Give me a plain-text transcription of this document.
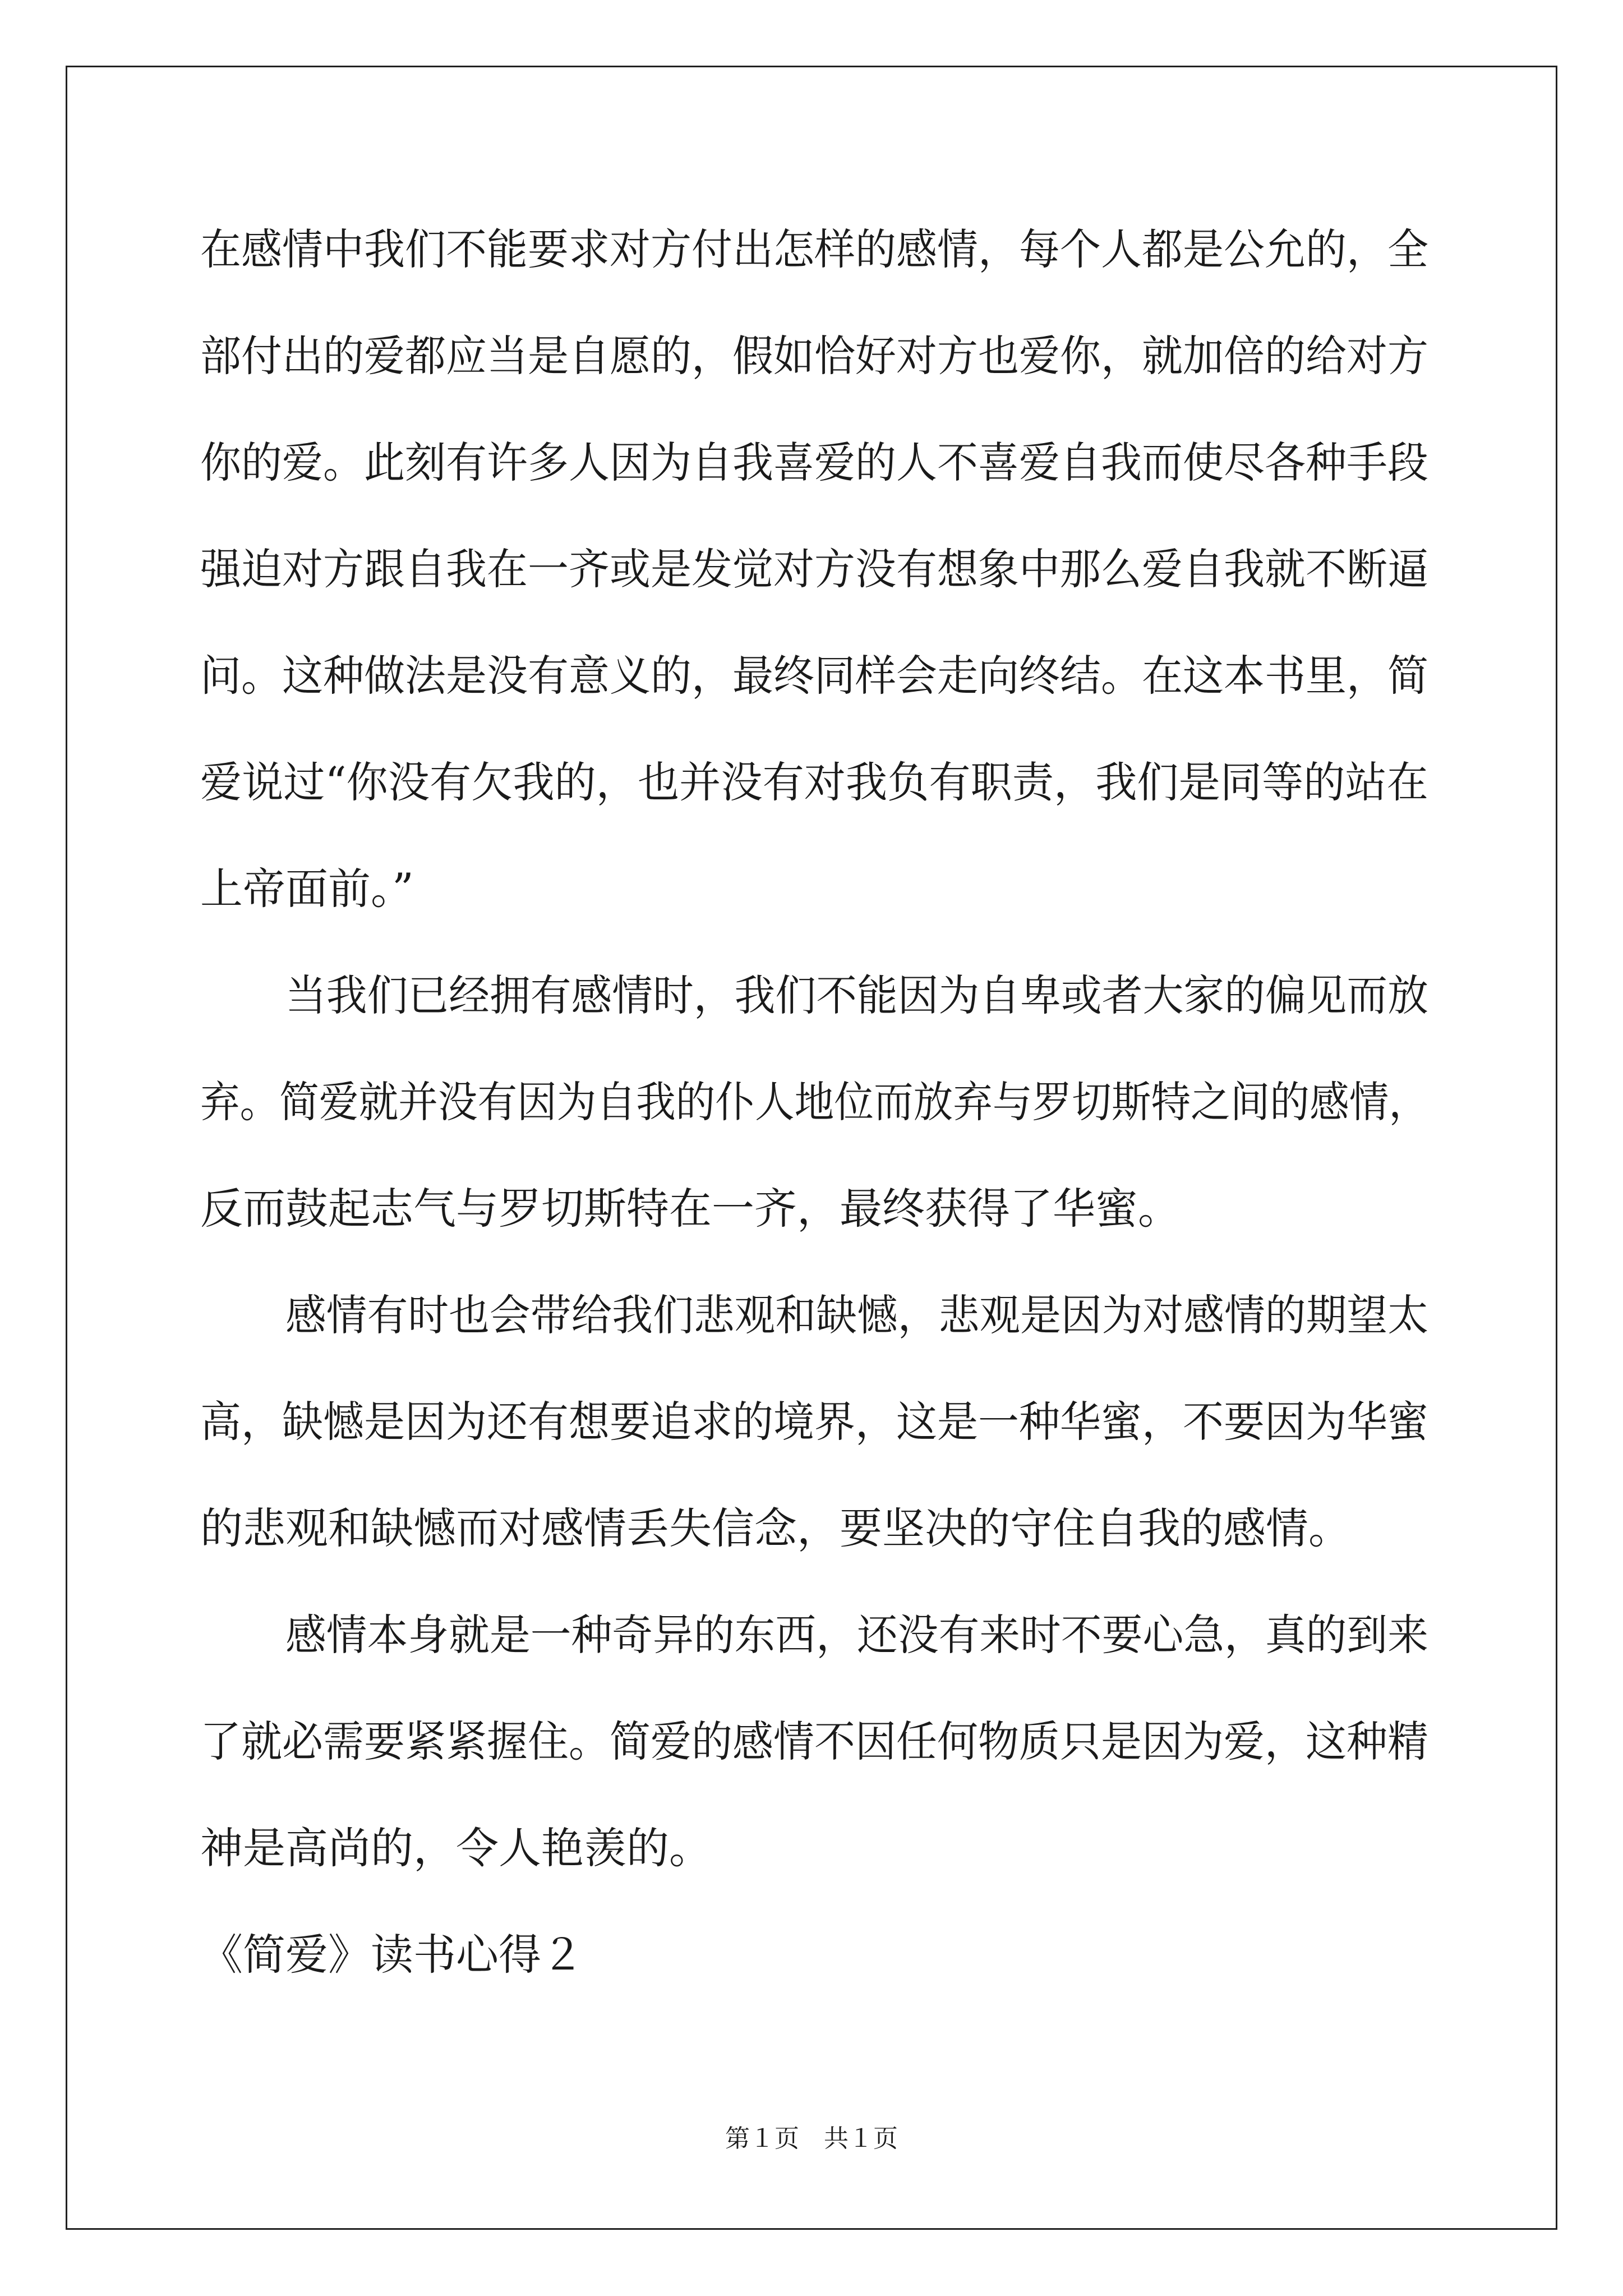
在感情中我们不能要求对方付出怎样的感情，每个人都是公允的，全
部付出的爱都应当是自愿的，假如恰好对方也爱你，就加倍的给对方
你的爱。此刻有许多人因为自我喜爱的人不喜爱自我而使尽各种手段
强迫对方跟自我在一齐或是发觉对方没有想象中那么爱自我就不断逼
问。这种做法是没有意义的，最终同样会走向终结。在这本书里，简
爱说过“你没有欠我的，也并没有对我负有职责，我们是同等的站在
上帝面前。”
当我们已经拥有感情时，我们不能因为自卑或者大家的偏见而放
弃。简爱就并没有因为自我的仆人地位而放弃与罗切斯特之间的感情，
反而鼓起志气与罗切斯特在一齐，最终获得了华蜜。
感情有时也会带给我们悲观和缺憾，悲观是因为对感情的期望太
高，缺憾是因为还有想要追求的境界，这是一种华蜜，不要因为华蜜
的悲观和缺憾而对感情丢失信念，要坚决的守住自我的感情。
感情本身就是一种奇异的东西，还没有来时不要心急，真的到来
了就必需要紧紧握住。简爱的感情不因任何物质只是因为爱，这种精
神是高尚的，令人艳羡的。
《简爱》读书心得２
第１页　共１页
